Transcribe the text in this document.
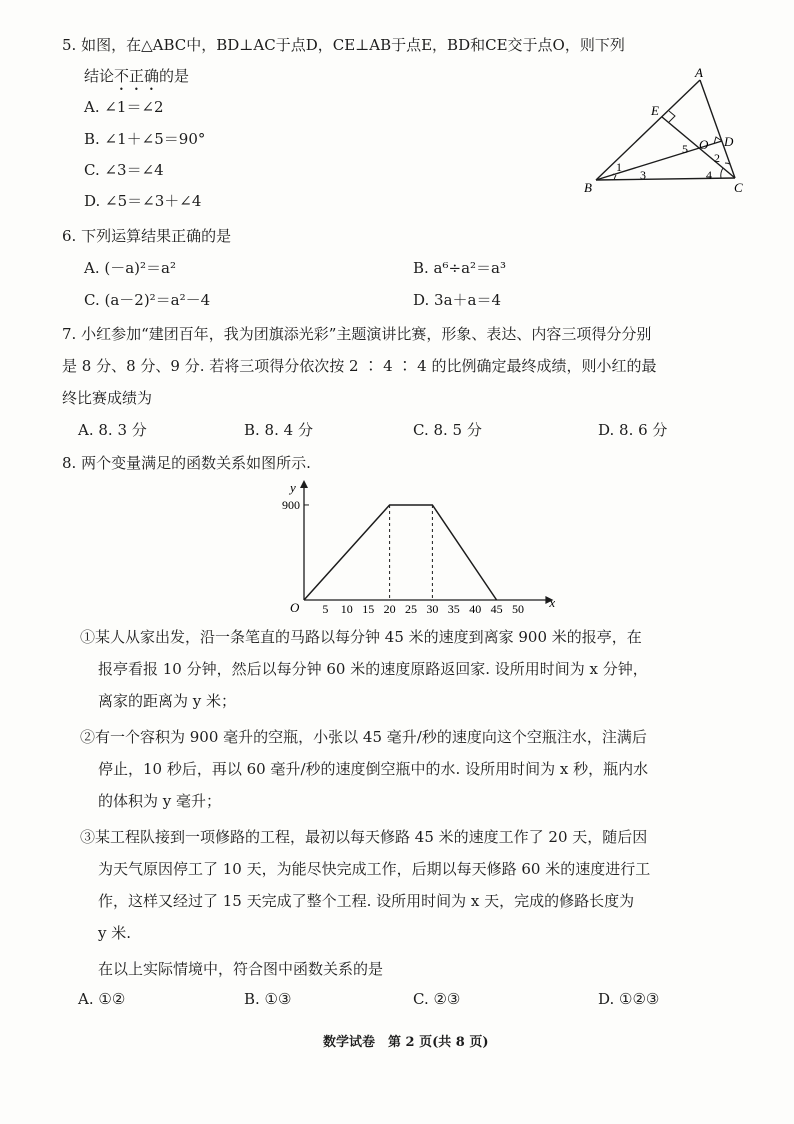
5. 如图，在△ABC中，BD⊥AC于点D，CE⊥AB于点E，BD和CE交于点O，则下列
结论不正确的是
A. ∠1＝∠2
B. ∠1＋∠5＝90°
C. ∠3＝∠4
D. ∠5＝∠3＋∠4
A
E
O D
B	C
1
2
3	4
5
6. 下列运算结果正确的是
A. (－a)²＝a²	B. a⁶÷a²＝a³
C. (a－2)²＝a²－4	D. 3a＋a＝4
7. 小红参加“建团百年，我为团旗添光彩”主题演讲比赛，形象、表达、内容三项得分分别
是 8 分、8 分、9 分. 若将三项得分依次按 2 ∶ 4 ∶ 4 的比例确定最终成绩，则小红的最
终比赛成绩为
A. 8. 3 分	B. 8. 4 分	C. 8. 5 分	D. 8. 6 分
8. 两个变量满足的函数关系如图所示.
x
y
O 5 10 15 20 25 30 35 40 45 50
900
①某人从家出发，沿一条笔直的马路以每分钟 45 米的速度到离家 900 米的报亭，在
报亭看报 10 分钟，然后以每分钟 60 米的速度原路返回家. 设所用时间为 x 分钟，
离家的距离为 y 米；
②有一个容积为 900 毫升的空瓶，小张以 45 毫升/秒的速度向这个空瓶注水，注满后
停止，10 秒后，再以 60 毫升/秒的速度倒空瓶中的水. 设所用时间为 x 秒，瓶内水
的体积为 y 毫升；
③某工程队接到一项修路的工程，最初以每天修路 45 米的速度工作了 20 天，随后因
为天气原因停工了 10 天，为能尽快完成工作，后期以每天修路 60 米的速度进行工
作，这样又经过了 15 天完成了整个工程. 设所用时间为 x 天，完成的修路长度为
y 米.
在以上实际情境中，符合图中函数关系的是
A. ①②	B. ①③	C. ②③	D. ①②③
数学试卷　第 2 页(共 8 页)
